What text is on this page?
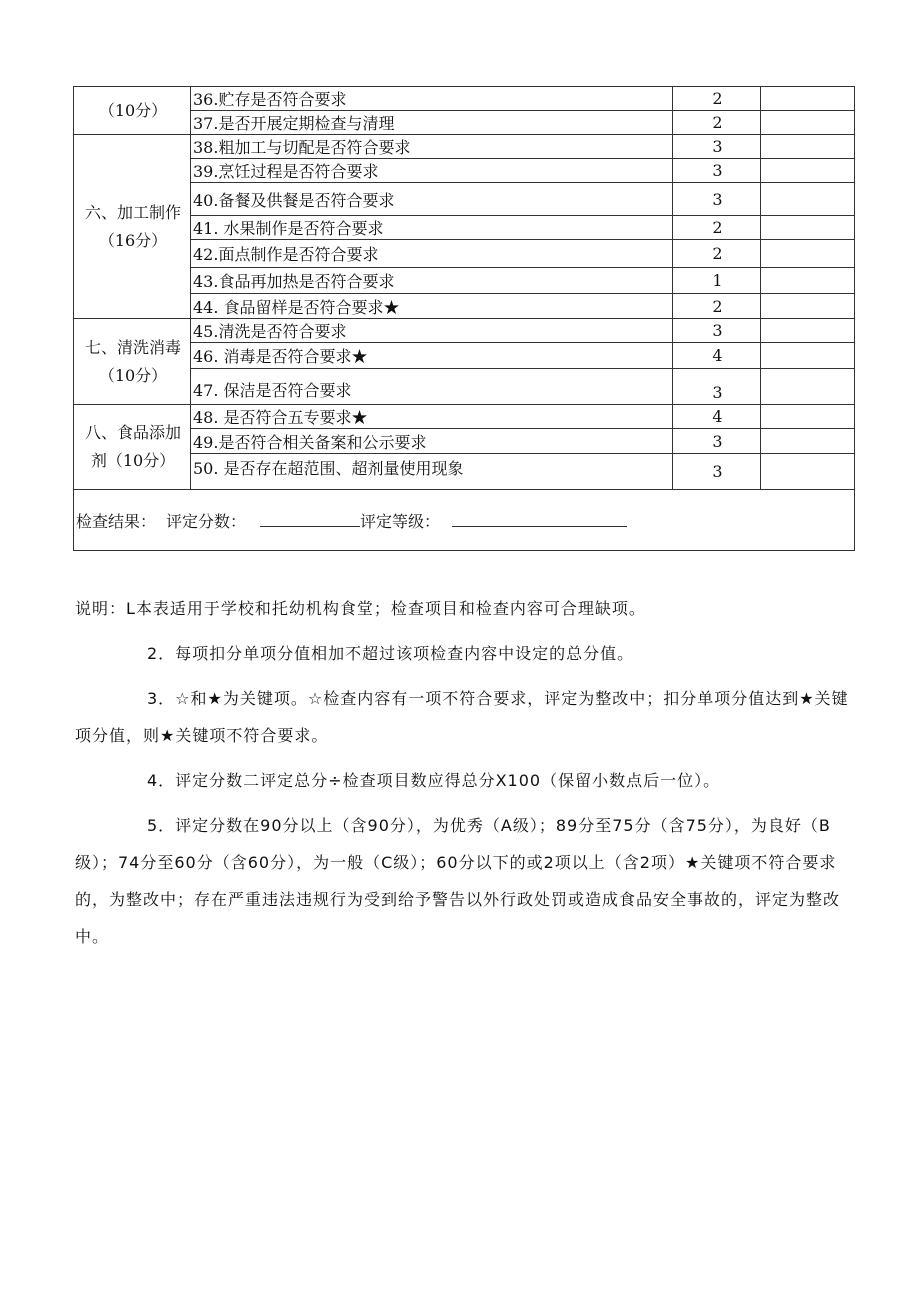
（10分）	36.贮存是否符合要求	2	
	37.是否开展定期检查与清理	2	

六、加工制作
（16分）	38.粗加工与切配是否符合要求	3	
	39.烹饪过程是否符合要求	3	
	40.备餐及供餐是否符合要求	3	
	41. 水果制作是否符合要求	2	
	42.面点制作是否符合要求	2	
	43.食品再加热是否符合要求	1	
	44. 食品留样是否符合要求★	2	

七、清洗消毒
（10分）	45.清洗是否符合要求	3	
	46. 消毒是否符合要求★	4	
	47. 保洁是否符合要求	3	

八、食品添加
剂（10分）	48. 是否符合五专要求★	4	
	49.是否符合相关备案和公示要求	3	
	50. 是否存在超范围、超剂量使用现象	3	
检查结果： 评定分数： 评定等级：			

说明：L本表适用于学校和托幼机构食堂；检查项目和检查内容可合理缺项。

2．每项扣分单项分值相加不超过该项检查内容中设定的总分值。

3．☆和★为关键项。☆检查内容有一项不符合要求，评定为整改中；扣分单项分值达到★关键项分值，则★关键项不符合要求。

4．评定分数二评定总分÷检查项目数应得总分X100（保留小数点后一位）。

5．评定分数在90分以上（含90分），为优秀（A级）；89分至75分（含75分），为良好（B级）；74分至60分（含60分），为一般（C级）；60分以下的或2项以上（含2项）★关键项不符合要求的，为整改中；存在严重违法违规行为受到给予警告以外行政处罚或造成食品安全事故的，评定为整改中。
